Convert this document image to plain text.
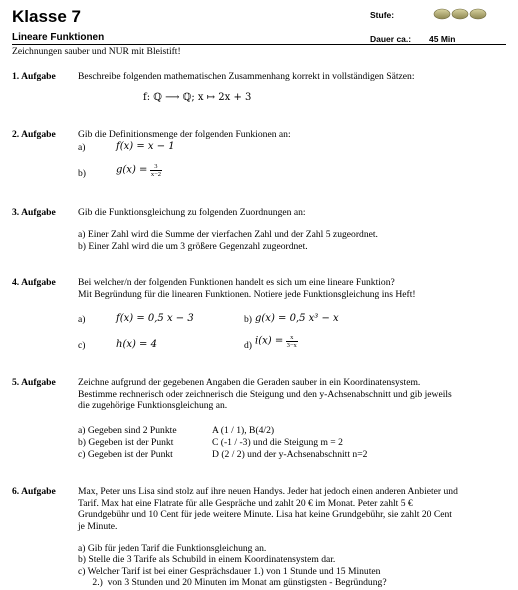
Klasse 7	Stufe:
Lineare Funktionen	Dauer ca.: 45 Min
Zeichnungen sauber und NUR mit Bleistift!
1. Aufgabe Beschreibe folgenden mathematischen Zusammenhang korrekt in vollständigen Sätzen:
f: ℚ ⟶ ℚ; x ↦ 2x + 3
2. Aufgabe Gib die Definitionsmenge der folgenden Funkionen an:
a)	f(x) = x − 1
b)	$g(x) = \frac{3}{x-2}$
3. Aufgabe Gib die Funktionsgleichung zu folgenden Zuordnungen an:
a) Einer Zahl wird die Summe der vierfachen Zahl und der Zahl 5 zugeordnet.
b) Einer Zahl wird die um 3 größere Gegenzahl zugeordnet.
4. Aufgabe Bei welcher/n der folgenden Funktionen handelt es sich um eine lineare Funktion?
Mit Begründung für die linearen Funktionen. Notiere jede Funktionsgleichung ins Heft!
a)	f(x) = 0,5 x − 3	b) g(x) = 0,5 x³ − x
c)	h(x) = 4	d) $i(x) = \frac{x}{3-x}$
5. Aufgabe Zeichne aufgrund der gegebenen Angaben die Geraden sauber in ein Koordinatensystem.
Bestimme rechnerisch oder zeichnerisch die Steigung und den y-Achsenabschnitt und gib jeweils
die zugehörige Funktionsgleichung an.
a) Gegeben sind 2 Punkte	A (1 / 1), B(4/2)
b) Gegeben ist der Punkt	C (-1 / -3) und die Steigung m = 2
c) Gegeben ist der Punkt	D (2 / 2) und der y-Achsenabschnitt n=2
6. Aufgabe Max, Peter uns Lisa sind stolz auf ihre neuen Handys. Jeder hat jedoch einen anderen Anbieter und
Tarif. Max hat eine Flatrate für alle Gespräche und zahlt 20 € im Monat. Peter zahlt 5 €
Grundgebühr und 10 Cent für jede weitere Minute. Lisa hat keine Grundgebühr, sie zahlt 20 Cent
je Minute.
a) Gib für jeden Tarif die Funktionsgleichung an.
b) Stelle die 3 Tarife als Schubild in einem Koordinatensystem dar.
c) Welcher Tarif ist bei einer Gesprächsdauer 1.) von 1 Stunde und 15 Minuten
2.)  von 3 Stunden und 20 Minuten im Monat am günstigsten - Begründung?
